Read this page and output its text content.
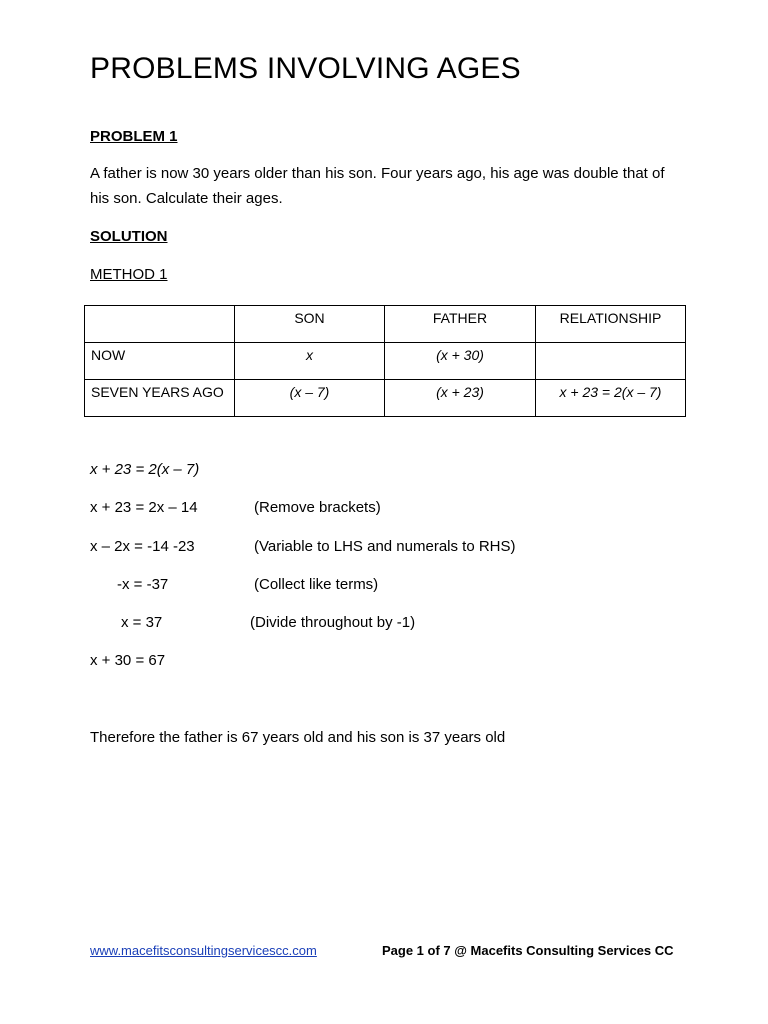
PROBLEMS INVOLVING AGES
PROBLEM 1
A father is now 30 years older than his son. Four years ago, his age was double that of his son. Calculate their ages.
SOLUTION
METHOD 1
	SON	FATHER	RELATIONSHIP
NOW	x	(x + 30)	
SEVEN YEARS AGO	(x – 7)	(x + 23)	x + 23 = 2(x – 7)
x + 23 = 2(x – 7)
x + 23 = 2x – 14	(Remove brackets)
x – 2x = -14 -23	(Variable to LHS and numerals to RHS)
-x = -37	(Collect like terms)
x = 37	(Divide throughout by -1)
x + 30 = 67
Therefore the father is 67 years old and his son is 37 years old
www.macefitsconsultingservicescc.com	Page 1 of 7 @ Macefits Consulting Services CC
